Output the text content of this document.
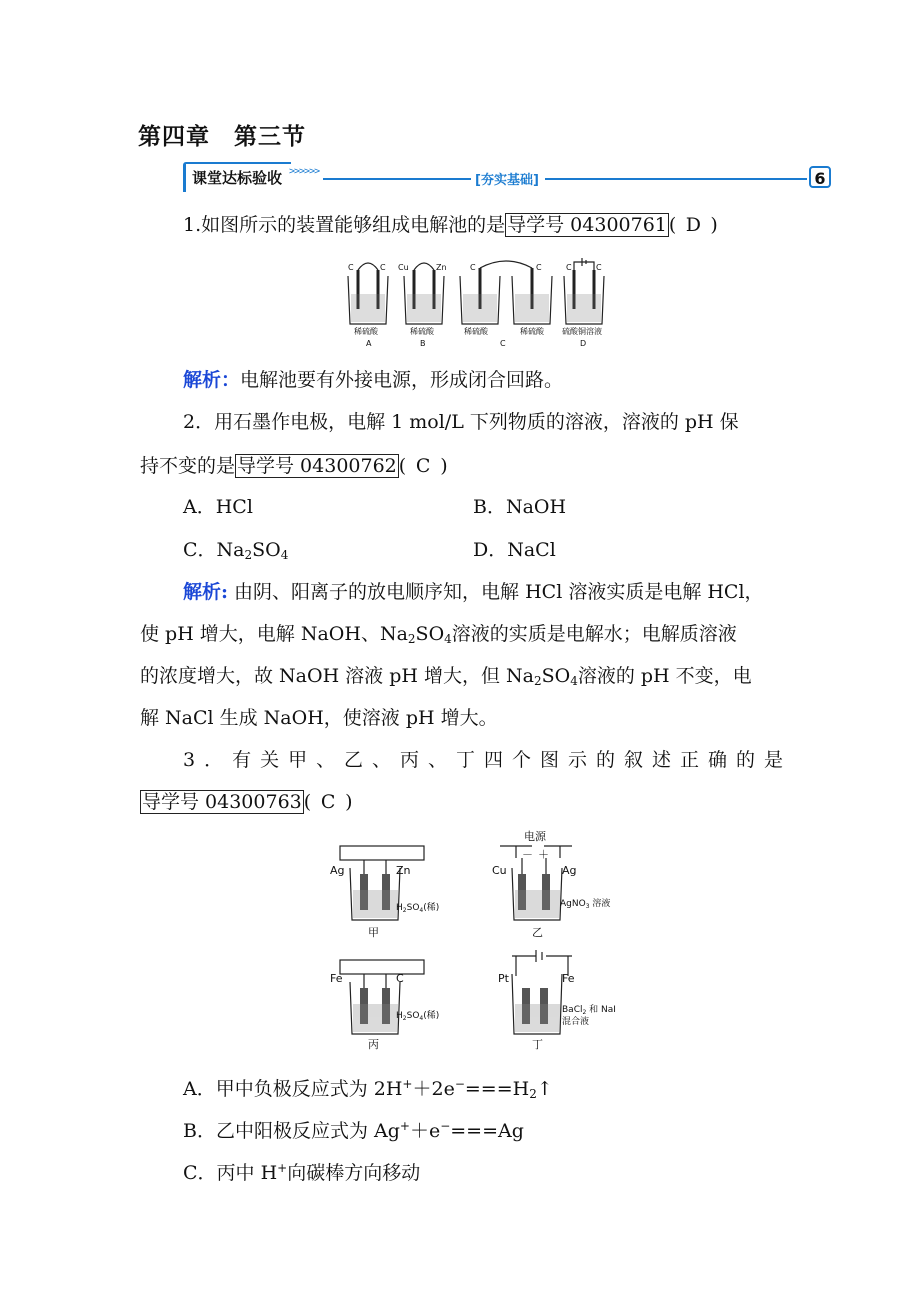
第四章　第三节
课堂达标验收 >>>>>>
[夯实基础]	6
1.如图所示的装置能够组成电解池的是 导学号 04300761 ( D )
C	C Cu	Zn	C	C	C	C
稀硫酸	稀硫酸	稀硫酸	稀硫酸 硫酸铜溶液
A	B	C	D
解析：电解池要有外接电源，形成闭合回路。
2．用石墨作电极，电解 1 mol/L 下列物质的溶液，溶液的 pH 保
持不变的是 导学号 04300762 ( C )
A．HCl	B．NaOH
C．$Na_2SO_4$	D．NaCl
解析: 由阴、阳离子的放电顺序知，电解 HCl 溶液实质是电解 HCl，
使 pH 增大，电解 NaOH、$Na_2SO_4$溶液的实质是电解水；电解质溶液
的浓度增大，故 NaOH 溶液 pH 增大，但 $Na_2SO_4$溶液的 pH 不变，电
解 NaCl 生成 NaOH，使溶液 pH 增大。
3．有关甲、乙、丙、丁四个图示的叙述正确的是
导学号 04300763 ( C )
电源
－ ＋
Ag	Zn
$H_2SO_4$(稀)
甲
Cu	Ag
AgNO$_3$ 溶液
乙
Fe	C
$H_2SO_4$(稀)
丙
Pt	Fe
BaCl$_2$ 和 NaI
混合液
丁
A．甲中负极反应式为 $2H^++2e^-===H_2↑$
B．乙中阳极反应式为 Ag+＋e−===Ag
C．丙中 H+向碳棒方向移动
